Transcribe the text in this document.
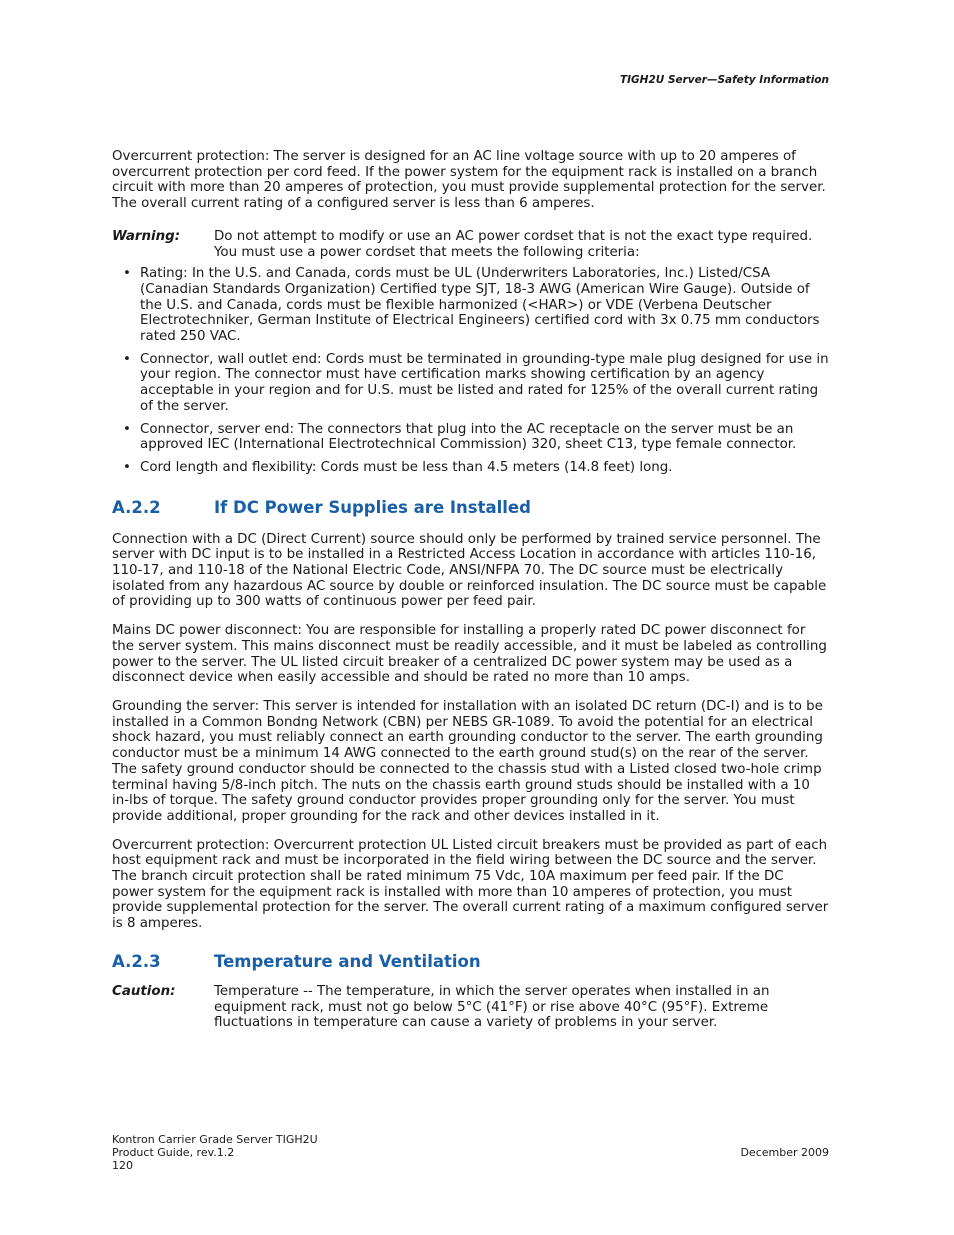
TIGH2U Server—Safety Information

Overcurrent protection: The server is designed for an AC line voltage source with up to 20 amperes of overcurrent protection per cord feed. If the power system for the equipment rack is installed on a branch circuit with more than 20 amperes of protection, you must provide supplemental protection for the server. The overall current rating of a configured server is less than 6 amperes.

Warning:	Do not attempt to modify or use an AC power cordset that is not the exact type required. You must use a power cordset that meets the following criteria:
• Rating: In the U.S. and Canada, cords must be UL (Underwriters Laboratories, Inc.) Listed/CSA (Canadian Standards Organization) Certified type SJT, 18-3 AWG (American Wire Gauge). Outside of the U.S. and Canada, cords must be flexible harmonized (<HAR>) or VDE (Verbena Deutscher Electrotechniker, German Institute of Electrical Engineers) certified cord with 3x 0.75 mm conductors rated 250 VAC.
• Connector, wall outlet end: Cords must be terminated in grounding-type male plug designed for use in your region. The connector must have certification marks showing certification by an agency acceptable in your region and for U.S. must be listed and rated for 125% of the overall current rating of the server.
• Connector, server end: The connectors that plug into the AC receptacle on the server must be an approved IEC (International Electrotechnical Commission) 320, sheet C13, type female connector.
• Cord length and flexibility: Cords must be less than 4.5 meters (14.8 feet) long.
A.2.2	If DC Power Supplies are Installed

Connection with a DC (Direct Current) source should only be performed by trained service personnel. The server with DC input is to be installed in a Restricted Access Location in accordance with articles 110-16, 110-17, and 110-18 of the National Electric Code, ANSI/NFPA 70. The DC source must be electrically isolated from any hazardous AC source by double or reinforced insulation. The DC source must be capable of providing up to 300 watts of continuous power per feed pair.

Mains DC power disconnect: You are responsible for installing a properly rated DC power disconnect for the server system. This mains disconnect must be readily accessible, and it must be labeled as controlling power to the server. The UL listed circuit breaker of a centralized DC power system may be used as a disconnect device when easily accessible and should be rated no more than 10 amps.

Grounding the server: This server is intended for installation with an isolated DC return (DC-I) and is to be installed in a Common Bondng Network (CBN) per NEBS GR-1089. To avoid the potential for an electrical shock hazard, you must reliably connect an earth grounding conductor to the server. The earth grounding conductor must be a minimum 14 AWG connected to the earth ground stud(s) on the rear of the server. The safety ground conductor should be connected to the chassis stud with a Listed closed two-hole crimp terminal having 5/8-inch pitch. The nuts on the chassis earth ground studs should be installed with a 10 in-lbs of torque. The safety ground conductor provides proper grounding only for the server. You must provide additional, proper grounding for the rack and other devices installed in it.

Overcurrent protection: Overcurrent protection UL Listed circuit breakers must be provided as part of each host equipment rack and must be incorporated in the field wiring between the DC source and the server. The branch circuit protection shall be rated minimum 75 Vdc, 10A maximum per feed pair. If the DC power system for the equipment rack is installed with more than 10 amperes of protection, you must provide supplemental protection for the server. The overall current rating of a maximum configured server is 8 amperes.

A.2.3	Temperature and Ventilation
Caution:	Temperature -- The temperature, in which the server operates when installed in an equipment rack, must not go below 5°C (41°F) or rise above 40°C (95°F). Extreme fluctuations in temperature can cause a variety of problems in your server.
Kontron Carrier Grade Server TIGH2U
Product Guide, rev.1.2
120
December 2009
